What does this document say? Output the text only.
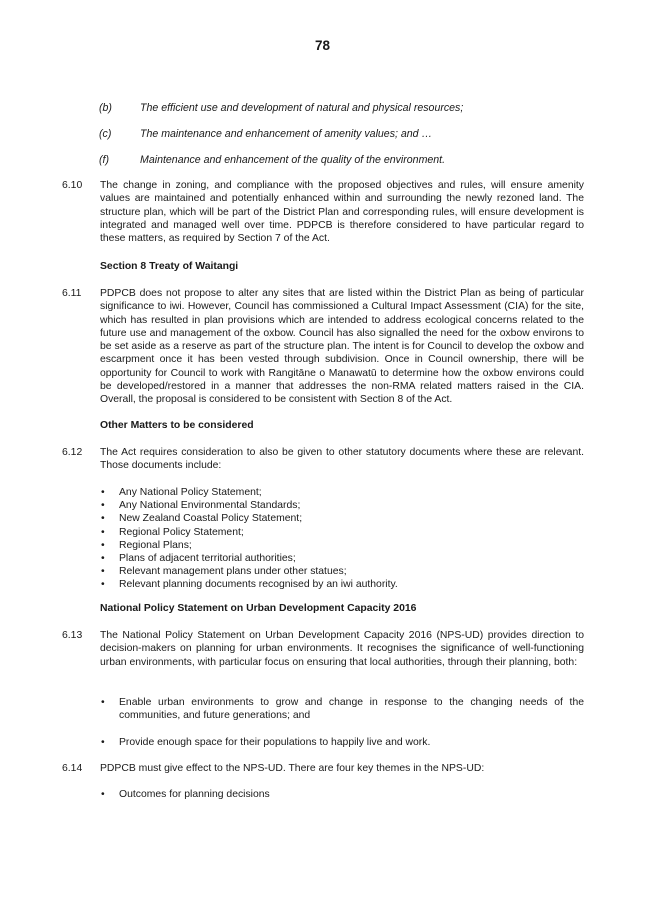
78
(b)	The efficient use and development of natural and physical resources;
(c)	The maintenance and enhancement of amenity values; and …
(f)	Maintenance and enhancement of the quality of the environment.
6.10 The change in zoning, and compliance with the proposed objectives and rules, will ensure amenity values are maintained and potentially enhanced within and surrounding the newly rezoned land. The structure plan, which will be part of the District Plan and corresponding rules, will ensure development is integrated and managed well over time. PDPCB is therefore considered to have particular regard to these matters, as required by Section 7 of the Act.
Section 8 Treaty of Waitangi
6.11 PDPCB does not propose to alter any sites that are listed within the District Plan as being of particular significance to iwi. However, Council has commissioned a Cultural Impact Assessment (CIA) for the site, which has resulted in plan provisions which are intended to address ecological concerns related to the future use and management of the oxbow. Council has also signalled the need for the oxbow environs to be set aside as a reserve as part of the structure plan. The intent is for Council to develop the oxbow and escarpment once it has been vested through subdivision. Once in Council ownership, there will be opportunity for Council to work with Rangitāne o Manawatū to determine how the oxbow environs could be developed/restored in a manner that addresses the non-RMA related matters raised in the CIA. Overall, the proposal is considered to be consistent with Section 8 of the Act.
Other Matters to be considered
6.12 The Act requires consideration to also be given to other statutory documents where these are relevant. Those documents include:
• Any National Policy Statement;
• Any National Environmental Standards;
• New Zealand Coastal Policy Statement;
• Regional Policy Statement;
• Regional Plans;
• Plans of adjacent territorial authorities;
• Relevant management plans under other statues;
• Relevant planning documents recognised by an iwi authority.
National Policy Statement on Urban Development Capacity 2016
6.13 The National Policy Statement on Urban Development Capacity 2016 (NPS-UD) provides direction to decision-makers on planning for urban environments. It recognises the significance of well-functioning urban environments, with particular focus on ensuring that local authorities, through their planning, both:
• Enable urban environments to grow and change in response to the changing needs of the communities, and future generations; and
• Provide enough space for their populations to happily live and work.
6.14 PDPCB must give effect to the NPS-UD. There are four key themes in the NPS-UD:
• Outcomes for planning decisions
